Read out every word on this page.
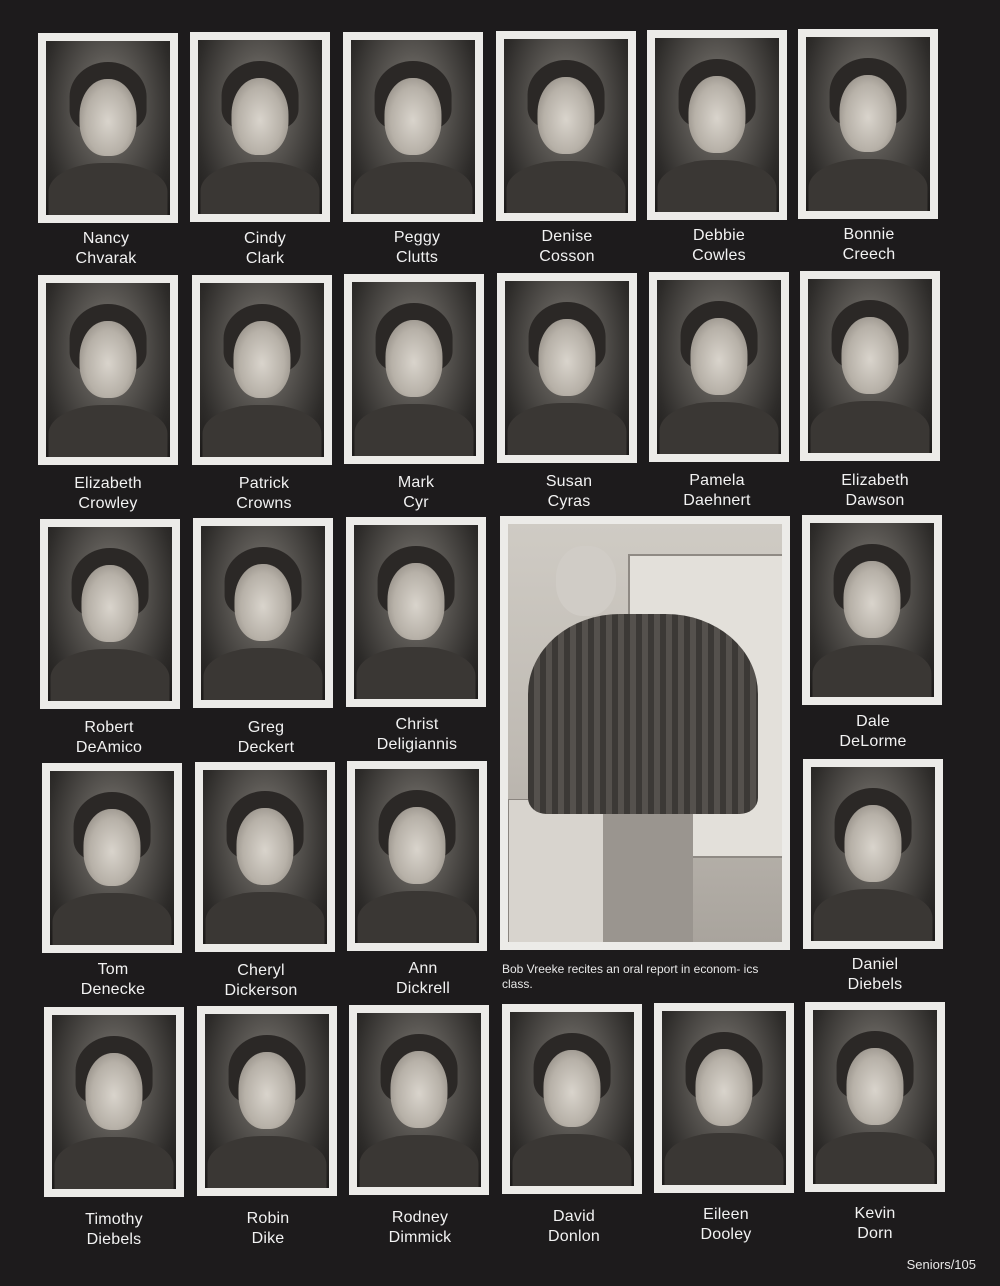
Nancy
Chvarak
Cindy
Clark
Peggy
Clutts
Denise
Cosson
Debbie
Cowles
Bonnie
Creech
Elizabeth
Crowley
Patrick
Crowns
Mark
Cyr
Susan
Cyras
Pamela
Daehnert
Elizabeth
Dawson
Robert
DeAmico
Greg
Deckert
Christ
Deligiannis
Dale
DeLorme
Bob Vreeke recites an oral report in econom- ics class.
Tom
Denecke
Cheryl
Dickerson
Ann
Dickrell
Daniel
Diebels
Timothy
Diebels
Robin
Dike
Rodney
Dimmick
David
Donlon
Eileen
Dooley
Kevin
Dorn
Seniors/105
